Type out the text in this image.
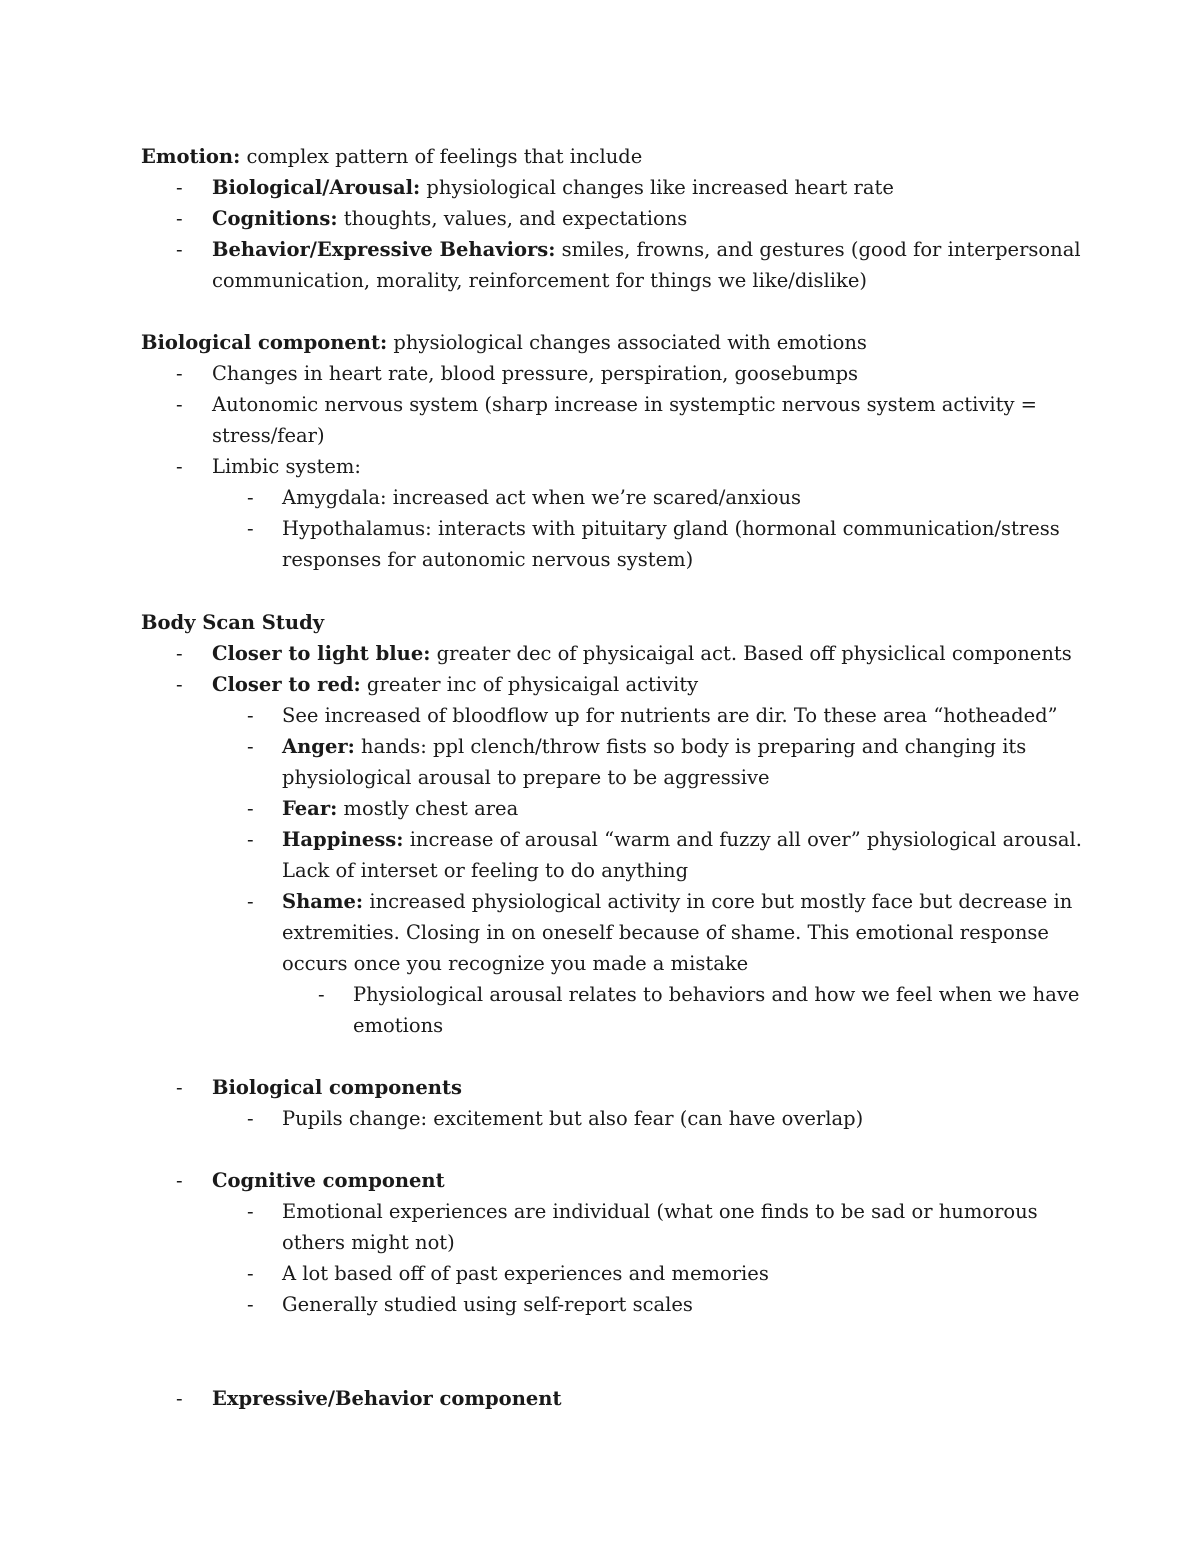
Emotion: complex pattern of feelings that include
- Biological/Arousal: physiological changes like increased heart rate
- Cognitions: thoughts, values, and expectations
- Behavior/Expressive Behaviors: smiles, frowns, and gestures (good for interpersonal
communication, morality, reinforcement for things we like/dislike)
Biological component: physiological changes associated with emotions
- Changes in heart rate, blood pressure, perspiration, goosebumps
- Autonomic nervous system (sharp increase in systemptic nervous system activity =
stress/fear)
- Limbic system:
- Amygdala: increased act when we’re scared/anxious
- Hypothalamus: interacts with pituitary gland (hormonal communication/stress
responses for autonomic nervous system)
Body Scan Study
- Closer to light blue: greater dec of physicaigal act. Based off physiclical components
- Closer to red: greater inc of physicaigal activity
- See increased of bloodflow up for nutrients are dir. To these area “hotheaded”
- Anger: hands: ppl clench/throw fists so body is preparing and changing its
physiological arousal to prepare to be aggressive
- Fear: mostly chest area
- Happiness: increase of arousal “warm and fuzzy all over” physiological arousal.
Lack of interset or feeling to do anything
- Shame: increased physiological activity in core but mostly face but decrease in
extremities. Closing in on oneself because of shame. This emotional response
occurs once you recognize you made a mistake
- Physiological arousal relates to behaviors and how we feel when we have
emotions
- Biological components
- Pupils change: excitement but also fear (can have overlap)
- Cognitive component
- Emotional experiences are individual (what one finds to be sad or humorous
others might not)
- A lot based off of past experiences and memories
- Generally studied using self-report scales
- Expressive/Behavior component
